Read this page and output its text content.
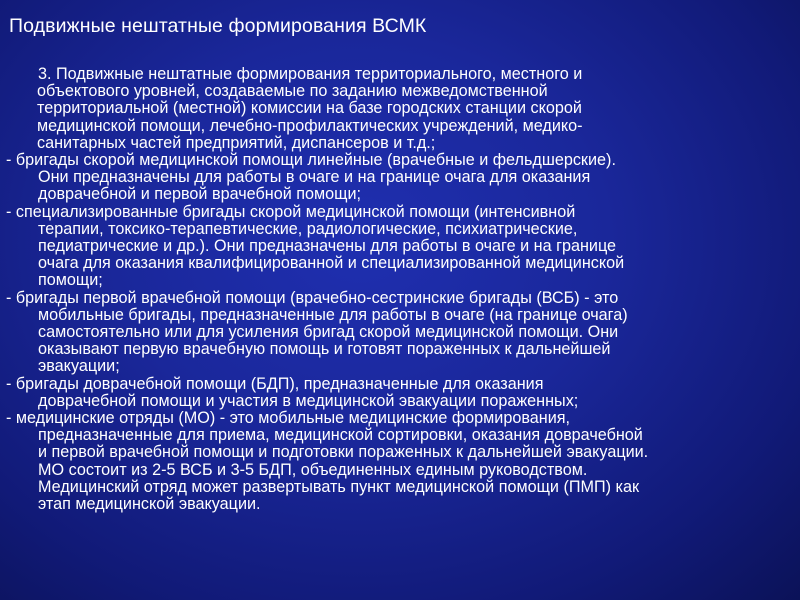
Подвижные нештатные формирования ВСМК

3. Подвижные нештатные формирования территориального, местного и
объектового уровней, создаваемые по заданию межведомственной
территориальной (местной) комиссии на базе городских станции скорой
медицинской помощи, лечебно-профилактических учреждений, медико-
санитарных частей предприятий, диспансеров и т.д.;

- бригады скорой медицинской помощи линейные (врачебные и фельдшерские).
Они предназначены для работы в очаге и на границе очага для оказания
доврачебной и первой врачебной помощи;

- специализированные бригады скорой медицинской помощи (интенсивной
терапии, токсико-терапевтические, радиологические, психиатрические,
педиатрические и др.). Они предназначены для работы в очаге и на границе
очага для оказания квалифицированной и специализированной медицинской
помощи;

- бригады первой врачебной помощи (врачебно-сестринские бригады (ВСБ) - это
мобильные бригады, предназначенные для работы в очаге (на границе очага)
самостоятельно или для усиления бригад скорой медицинской помощи. Они
оказывают первую врачебную помощь и готовят пораженных к дальнейшей
эвакуации;

- бригады доврачебной помощи (БДП), предназначенные для оказания
доврачебной помощи и участия в медицинской эвакуации пораженных;

- медицинские отряды (МО) - это мобильные медицинские формирования,
предназначенные для приема, медицинской сортировки, оказания доврачебной
и первой врачебной помощи и подготовки пораженных к дальнейшей эвакуации.
МО состоит из 2-5 ВСБ и 3-5 БДП, объединенных единым руководством.
Медицинский отряд может развертывать пункт медицинской помощи (ПМП) как
этап медицинской эвакуации.
